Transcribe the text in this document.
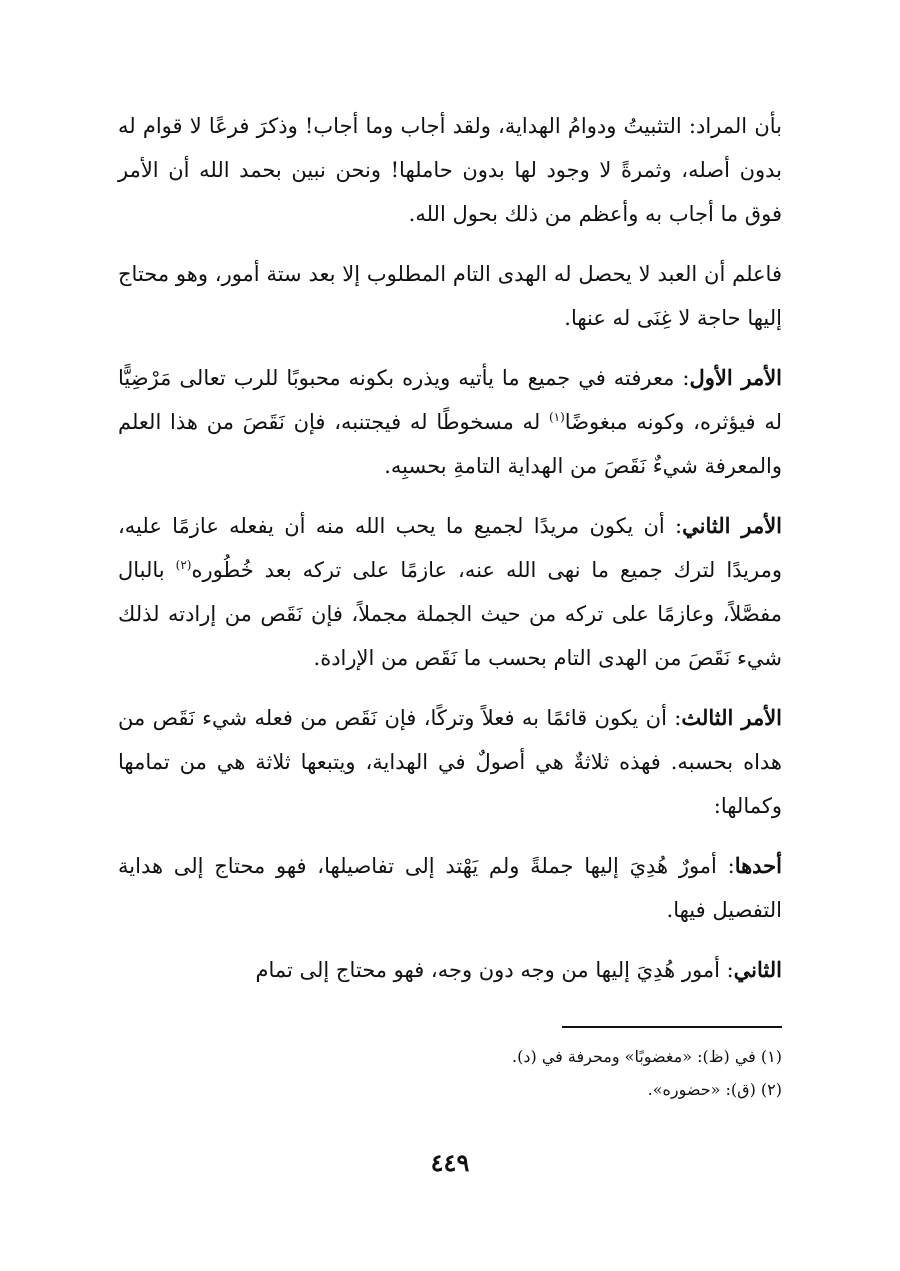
بأن المراد: التثبيتُ ودوامُ الهداية، ولقد أجاب وما أجاب! وذكرَ فرعًا لا قوام له بدون أصله، وثمرةً لا وجود لها بدون حاملها! ونحن نبين بحمد الله أن الأمر فوق ما أجاب به وأعظم من ذلك بحول الله.

فاعلم أن العبد لا يحصل له الهدى التام المطلوب إلا بعد ستة أمور، وهو محتاج إليها حاجة لا غِنَى له عنها.

الأمر الأول: معرفته في جميع ما يأتيه ويذره بكونه محبوبًا للرب تعالى مَرْضِيًّا له فيؤثره، وكونه مبغوضًا$^{(١)}$ له مسخوطًا له فيجتنبه، فإن نَقَصَ من هذا العلم والمعرفة شيءٌ نَقَصَ من الهداية التامةِ بحسبِه.

الأمر الثاني: أن يكون مريدًا لجميع ما يحب الله منه أن يفعله عازمًا عليه، ومريدًا لترك جميع ما نهى الله عنه، عازمًا على تركه بعد خُطُوره$^{(٢)}$ بالبال مفصَّلاً، وعازمًا على تركه من حيث الجملة مجملاً، فإن نَقَص من إرادته لذلك شيء نَقَصَ من الهدى التام بحسب ما نَقَص من الإرادة.

الأمر الثالث: أن يكون قائمًا به فعلاً وتركًا، فإن نَقَص من فعله شيء نَقَص من هداه بحسبه. فهذه ثلاثةٌ هي أصولٌ في الهداية، ويتبعها ثلاثة هي من تمامها وكمالها:

أحدها: أمورٌ هُدِيَ إليها جملةً ولم يَهْتد إلى تفاصيلها، فهو محتاج إلى هداية التفصيل فيها.

الثاني: أمور هُدِيَ إليها من وجه دون وجه، فهو محتاج إلى تمام

(١) في (ظ): «مغضوبًا» ومحرفة في (د).
(٢) (ق): «حضوره».
٤٤٩
